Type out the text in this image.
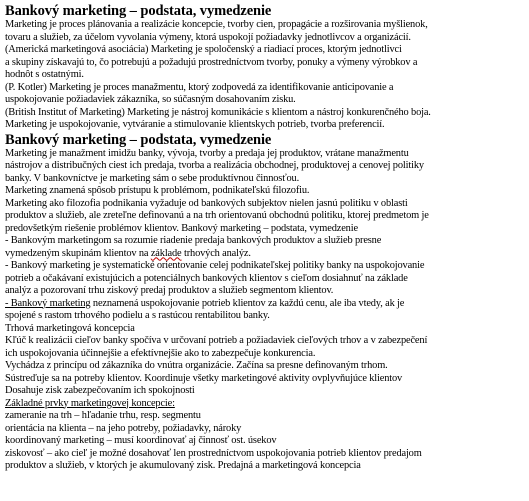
Bankový marketing – podstata, vymedzenie

Marketing je proces plánovania a realizácie koncepcie, tvorby cien, propagácie a rozširovania myšlienok,

tovaru a služieb, za účelom vyvolania výmeny, ktorá uspokojí požiadavky jednotlivcov a organizácií.

(Americká marketingová asociácia) Marketing je spoločenský a riadiací proces, ktorým jednotlivci

a skupiny získavajú to, čo potrebujú a požadujú prostredníctvom tvorby, ponuky a výmeny výrobkov a

hodnôt s ostatnými.

(P. Kotler) Marketing je proces manažmentu, ktorý zodpovedá za identifikovanie anticipovanie a

uspokojovanie požiadaviek zákazníka, so súčasným dosahovaním zisku.

(British Institut of Marketing) Marketing je nástroj komunikácie s klientom a nástroj konkurenčného boja.

Marketing je uspokojovanie, vytváranie a stimulovanie klientskych potrieb, tvorba preferencií.

Bankový marketing – podstata, vymedzenie

Marketing je manažment imidžu banky, vývoja, tvorby a predaja jej produktov, vrátane manažmentu

nástrojov a distribučných ciest ich predaja, tvorba a realizácia obchodnej, produktovej a cenovej politiky

banky. V bankovníctve je marketing sám o sebe produktívnou činnosťou.

Marketing znamená spôsob prístupu k problémom, podnikateľskú filozofiu.

Marketing ako filozofia podnikania vyžaduje od bankových subjektov nielen jasnú politiku v oblasti

produktov a služieb, ale zreteľne definovanú a na trh orientovanú obchodnú politiku, ktorej predmetom je

predovšetkým riešenie problémov klientov. Bankový marketing – podstata, vymedzenie

- Bankovým marketingom sa rozumie riadenie predaja bankových produktov a služieb presne

vymedzeným skupinám klientov na základe trhových analýz.

- Bankový marketing je systematické orientovanie celej podnikateľskej politiky banky na uspokojovanie

potrieb a očakávaní existujúcich a potenciálnych bankových klientov s cieľom dosiahnuť na základe

analýz a pozorovaní trhu ziskový predaj produktov a služieb segmentom klientov.

- Bankový marketing neznamená uspokojovanie potrieb klientov za každú cenu, ale iba vtedy, ak je

spojené s rastom trhového podielu a s rastúcou rentabilitou banky.

Trhová marketingová koncepcia

Kľúč k realizácii cieľov banky spočíva v určovaní potrieb a požiadaviek cieľových trhov a v zabezpečení

ich uspokojovania účinnejšie a efektívnejšie ako to zabezpečuje konkurencia.

Vychádza z princípu od zákazníka do vnútra organizácie. Začína sa presne definovaným trhom.

Sústreďuje sa na potreby klientov. Koordinuje všetky marketingové aktivity ovplyvňujúce klientov

Dosahuje zisk zabezpečovaním ich spokojnosti

Základné prvky marketingovej koncepcie:

zameranie na trh – hľadanie trhu, resp. segmentu

orientácia na klienta – na jeho potreby, požiadavky, nároky

koordinovaný marketing – musí koordinovať aj činnosť ost. úsekov

ziskovosť – ako cieľ je možné dosahovať len prostredníctvom uspokojovania potrieb klientov predajom

produktov a služieb, v ktorých je akumulovaný zisk. Predajná a marketingová koncepcia
